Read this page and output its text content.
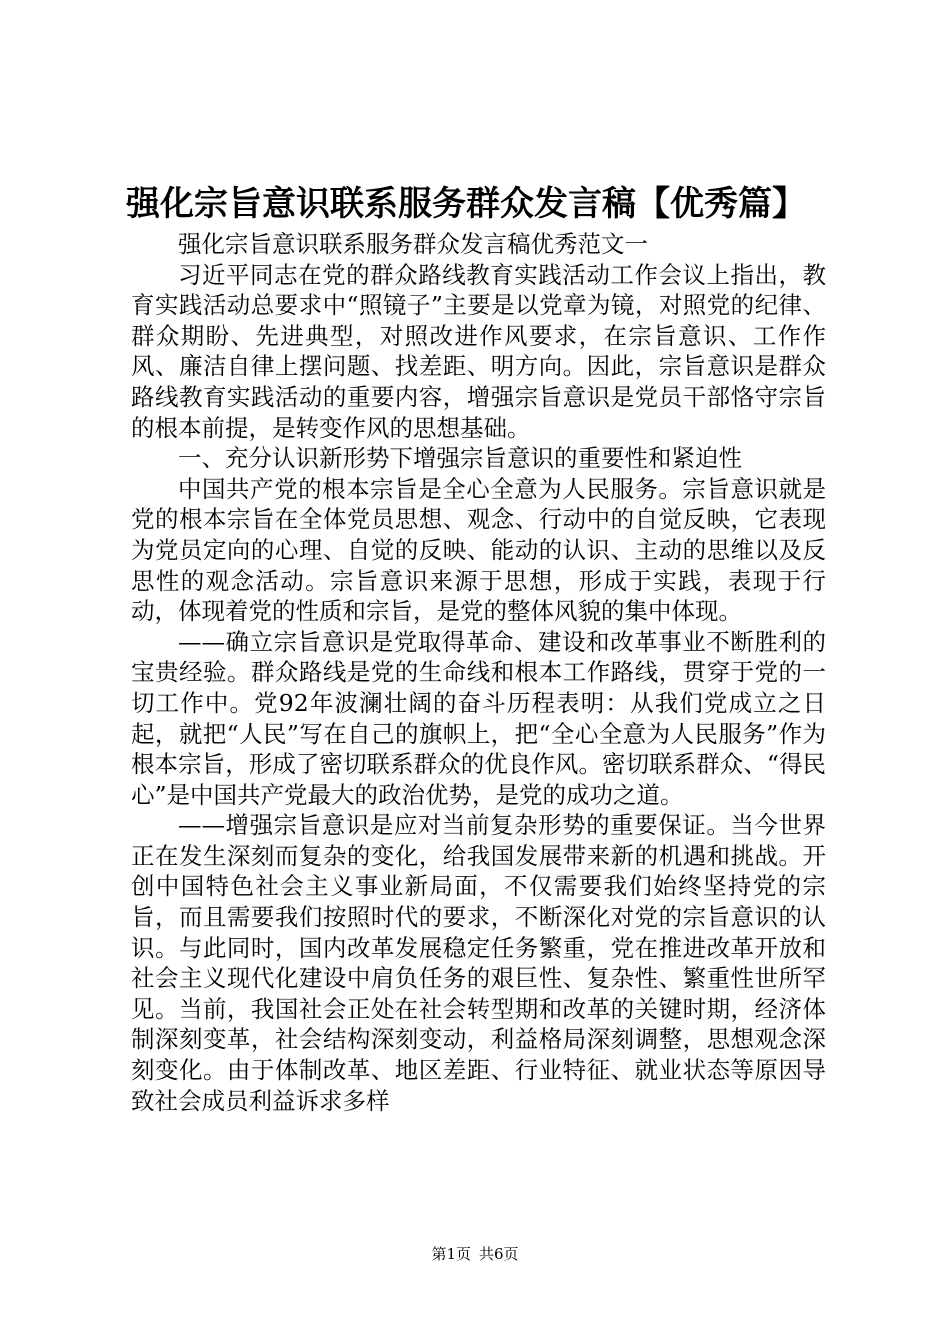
强化宗旨意识联系服务群众发言稿【优秀篇】

强化宗旨意识联系服务群众发言稿优秀范文一

习近平同志在党的群众路线教育实践活动工作会议上指出，教育实践活动总要求中“照镜子”主要是以党章为镜，对照党的纪律、群众期盼、先进典型，对照改进作风要求，在宗旨意识、工作作风、廉洁自律上摆问题、找差距、明方向。因此，宗旨意识是群众路线教育实践活动的重要内容，增强宗旨意识是党员干部恪守宗旨的根本前提，是转变作风的思想基础。

一、充分认识新形势下增强宗旨意识的重要性和紧迫性

中国共产党的根本宗旨是全心全意为人民服务。宗旨意识就是党的根本宗旨在全体党员思想、观念、行动中的自觉反映，它表现为党员定向的心理、自觉的反映、能动的认识、主动的思维以及反思性的观念活动。宗旨意识来源于思想，形成于实践，表现于行动，体现着党的性质和宗旨，是党的整体风貌的集中体现。

——确立宗旨意识是党取得革命、建设和改革事业不断胜利的宝贵经验。群众路线是党的生命线和根本工作路线，贯穿于党的一切工作中。党92年波澜壮阔的奋斗历程表明：从我们党成立之日起，就把“人民”写在自己的旗帜上，把“全心全意为人民服务”作为根本宗旨，形成了密切联系群众的优良作风。密切联系群众、“得民心”是中国共产党最大的政治优势，是党的成功之道。

——增强宗旨意识是应对当前复杂形势的重要保证。当今世界正在发生深刻而复杂的变化，给我国发展带来新的机遇和挑战。开创中国特色社会主义事业新局面，不仅需要我们始终坚持党的宗旨，而且需要我们按照时代的要求，不断深化对党的宗旨意识的认识。与此同时，国内改革发展稳定任务繁重，党在推进改革开放和社会主义现代化建设中肩负任务的艰巨性、复杂性、繁重性世所罕见。当前，我国社会正处在社会转型期和改革的关键时期，经济体制深刻变革，社会结构深刻变动，利益格局深刻调整，思想观念深刻变化。由于体制改革、地区差距、行业特征、就业状态等原因导致社会成员利益诉求多样

第1页 共6页
